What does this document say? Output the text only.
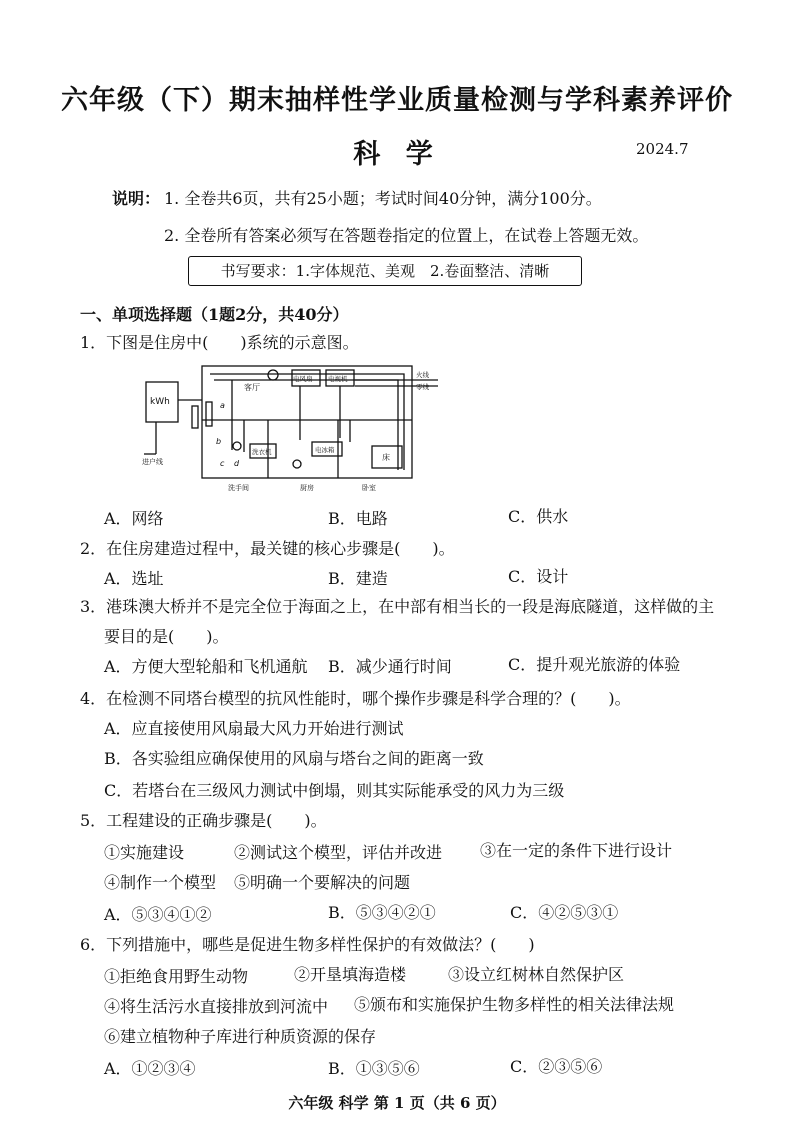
六年级（下）期末抽样性学业质量检测与学科素养评价
科 学	2024.7
说明： 1. 全卷共6页，共有25小题；考试时间40分钟，满分100分。
2. 全卷所有答案必须写在答题卷指定的位置上，在试卷上答题无效。
书写要求：1.字体规范、美观　2.卷面整洁、清晰
一、单项选择题（1题2分，共40分）
1．下图是住房中(　　)系统的示意图。
kWh
客厅
电风扇 电视机	火线
零线
洗衣机	电冰箱
床
进户线
洗手间	厨房	卧室
a
b
c d
A．网络	B．电路	C．供水
2．在住房建造过程中，最关键的核心步骤是(　　)。
A．选址	B．建造	C．设计
3．港珠澳大桥并不是完全位于海面之上，在中部有相当长的一段是海底隧道，这样做的主
要目的是(　　)。
A．方便大型轮船和飞机通航 B．减少通行时间	C．提升观光旅游的体验
4．在检测不同塔台模型的抗风性能时，哪个操作步骤是科学合理的？(　　)。
A．应直接使用风扇最大风力开始进行测试
B．各实验组应确保使用的风扇与塔台之间的距离一致
C．若塔台在三级风力测试中倒塌，则其实际能承受的风力为三级
5．工程建设的正确步骤是(　　)。
①实施建设	②测试这个模型，评估并改进 ③在一定的条件下进行设计
④制作一个模型 ⑤明确一个要解决的问题
A．⑤③④①②	B．⑤③④②①	C．④②⑤③①
6．下列措施中，哪些是促进生物多样性保护的有效做法？(　　)
①拒绝食用野生动物	②开垦填海造楼	③设立红树林自然保护区
④将生活污水直接排放到河流中 ⑤颁布和实施保护生物多样性的相关法律法规
⑥建立植物种子库进行种质资源的保存
A．①②③④	B．①③⑤⑥	C．②③⑤⑥
六年级 科学 第 1 页（共 6 页）
